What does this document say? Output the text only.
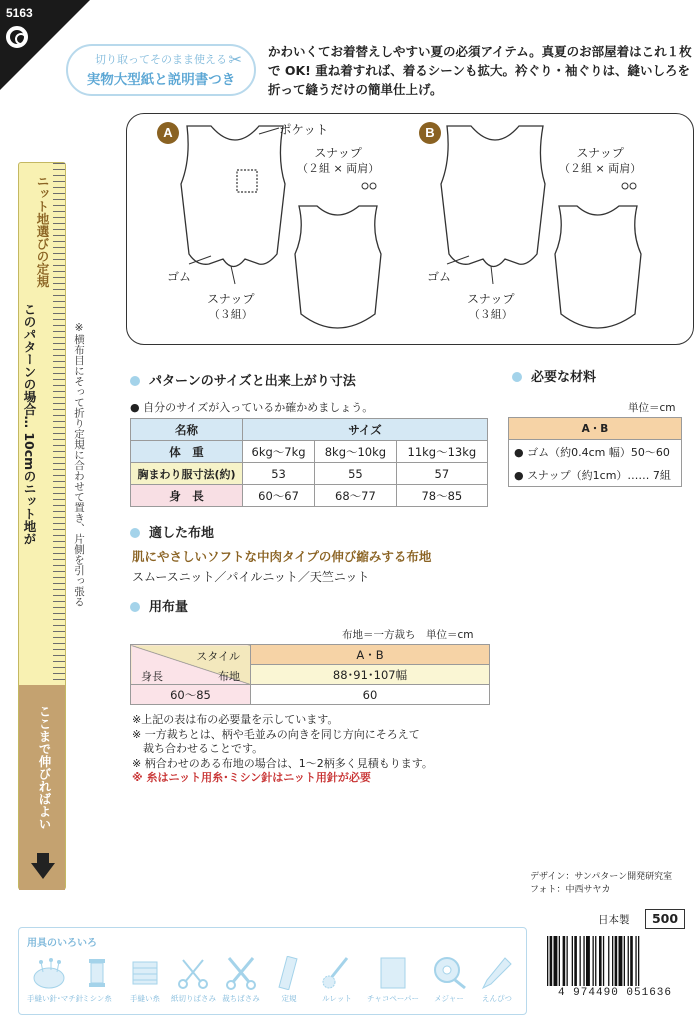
5163
切り取ってそのまま使える
実物大型紙と説明書つき
✂ かわいくてお着替えしやすい夏の必須アイテム。真夏のお部屋着はこれ１枚で OK! 重ね着すれば、着るシーンも拡大。衿ぐり・袖ぐりは、縫いしろを折って縫うだけの簡単仕上げ。
A	B
ポケット
スナップ
（２組 × 両肩）
スナップ
（２組 × 両肩）
ゴム	ゴム
スナップ
（３組）
スナップ
（３組）
ニット地選びの定規
このパターンの場合… 10cmのニット地が
ここまで伸びればよい
※横布目にそって折り定規に合わせて置き、片側を引っ張る	パターンのサイズと出来上がり寸法
● 自分のサイズが入っているか確かめましょう。
名称	サイズ		
体　重	6kg〜7kg	8kg〜10kg	11kg〜13kg
胸まわり服寸法(約)	53	55	57
身　長	60〜67	68〜77	78〜85
必要な材料
単位＝cm
A・B
● ゴム（約0.4cm 幅）50〜60
● スナップ（約1cm）…… 7組
適した布地
肌にやさしいソフトな中肉タイプの伸び縮みする布地
スムースニット／パイルニット／天竺ニット
用布量
布地＝一方裁ち　単位＝cm
スタイル
布地
身長	A・B
	88･91･107幅
60〜85	60
※上記の表は布の必要量を示しています。
※ 一方裁ちとは、柄や毛並みの向きを同じ方向にそろえて
　裁ち合わせることです。
※ 柄合わせのある布地の場合は、1〜2柄多く見積もります。
※ 糸はニット用糸･ミシン針はニット用針が必要
デザイン：サンパターン開発研究室
フォト：中西サヤカ
日本製	500
用具のいろいろ
手縫い針･マチ針
ミシン糸	手縫い糸	紙切りばさみ 裁ちばさみ	定規	ルレット	チャコペーパー	メジャー	えんぴつ	4 974490 051636
